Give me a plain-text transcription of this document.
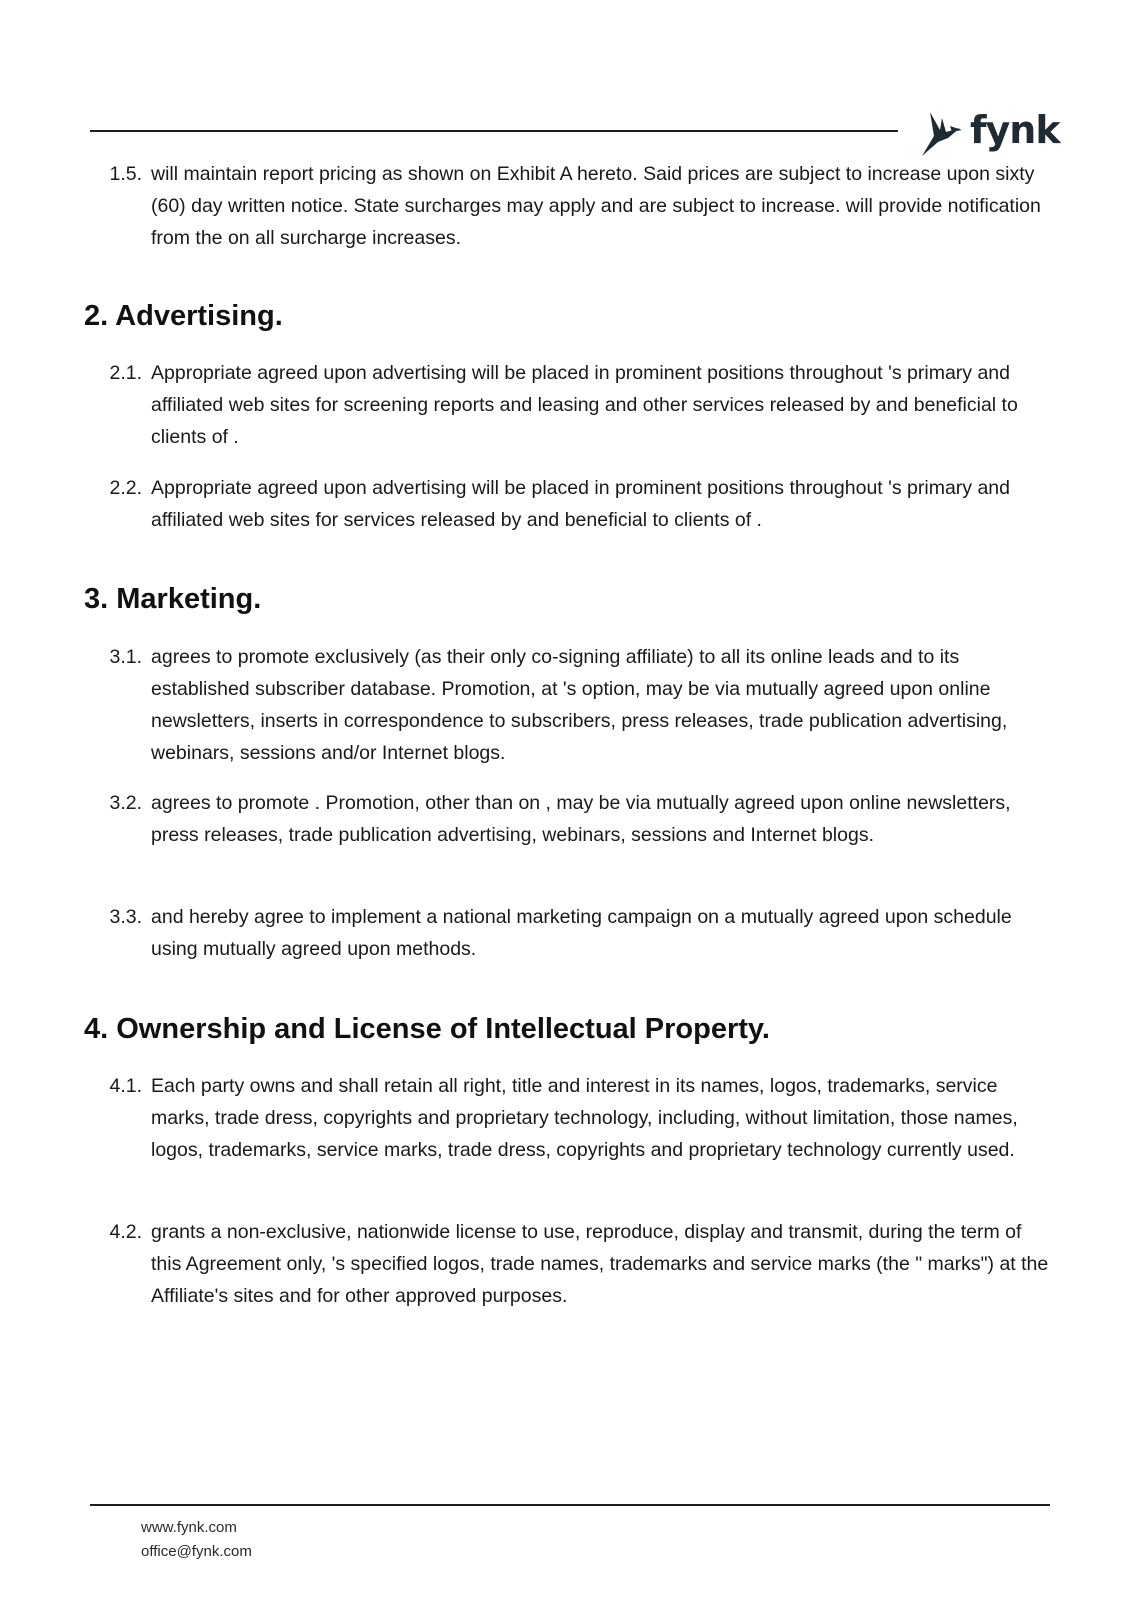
fynk
1.5. will maintain report pricing as shown on Exhibit A hereto. Said prices are subject to increase upon sixty (60) day written notice. State surcharges may apply and are subject to increase. will provide notification from the on all surcharge increases.
2. Advertising.
2.1. Appropriate agreed upon advertising will be placed in prominent positions throughout 's primary and affiliated web sites for screening reports and leasing and other services released by and beneficial to clients of .
2.2. Appropriate agreed upon advertising will be placed in prominent positions throughout 's primary and affiliated web sites for services released by and beneficial to clients of .
3. Marketing.
3.1. agrees to promote exclusively (as their only co-signing affiliate) to all its online leads and to its established subscriber database. Promotion, at 's option, may be via mutually agreed upon online newsletters, inserts in correspondence to subscribers, press releases, trade publication advertising, webinars, sessions and/or Internet blogs.
3.2. agrees to promote . Promotion, other than on , may be via mutually agreed upon online newsletters, press releases, trade publication advertising, webinars, sessions and Internet blogs.
3.3. and hereby agree to implement a national marketing campaign on a mutually agreed upon schedule using mutually agreed upon methods.
4. Ownership and License of Intellectual Property.
4.1. Each party owns and shall retain all right, title and interest in its names, logos, trademarks, service marks, trade dress, copyrights and proprietary technology, including, without limitation, those names, logos, trademarks, service marks, trade dress, copyrights and proprietary technology currently used.
4.2. grants a non-exclusive, nationwide license to use, reproduce, display and transmit, during the term of this Agreement only, 's specified logos, trade names, trademarks and service marks (the " marks") at the Affiliate's sites and for other approved purposes.
www.fynk.com
office@fynk.com
